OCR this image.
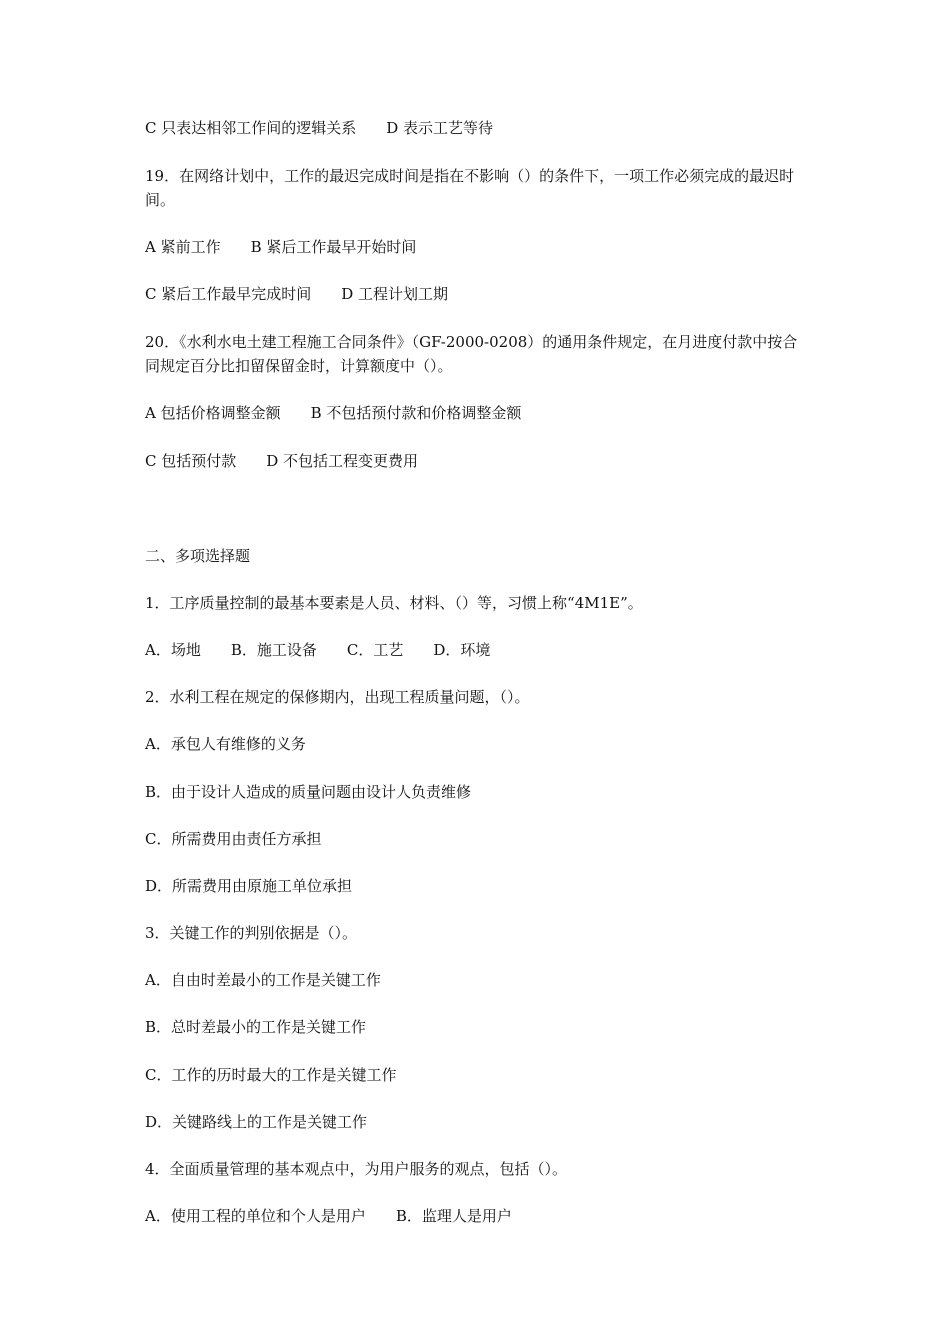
C 只表达相邻工作间的逻辑关系 D 表示工艺等待
19．在网络计划中，工作的最迟完成时间是指在不影响（）的条件下，一项工作必须完成的最迟时间。
A 紧前工作 B 紧后工作最早开始时间
C 紧后工作最早完成时间 D 工程计划工期
20．《水利水电土建工程施工合同条件》（GF-2000-0208）的通用条件规定，在月进度付款中按合同规定百分比扣留保留金时，计算额度中（）。
A 包括价格调整金额 B 不包括预付款和价格调整金额
C 包括预付款 D 不包括工程变更费用
二、多项选择题
1．工序质量控制的最基本要素是人员、材料、（）等，习惯上称“4M1E”。
A．场地 B．施工设备 C．工艺 D．环境
2．水利工程在规定的保修期内，出现工程质量问题，（）。
A．承包人有维修的义务
B．由于设计人造成的质量问题由设计人负责维修
C．所需费用由责任方承担
D．所需费用由原施工单位承担
3．关键工作的判别依据是（）。
A．自由时差最小的工作是关键工作
B．总时差最小的工作是关键工作
C．工作的历时最大的工作是关键工作
D．关键路线上的工作是关键工作
4．全面质量管理的基本观点中，为用户服务的观点，包括（）。
A．使用工程的单位和个人是用户 B．监理人是用户
